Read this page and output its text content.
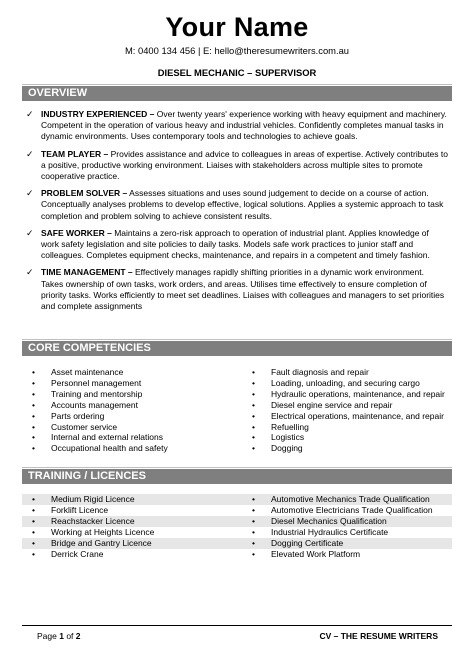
Your Name
M: 0400 134 456 | E: hello@theresumewriters.com.au
DIESEL MECHANIC – SUPERVISOR
OVERVIEW
✓ INDUSTRY EXPERIENCED – Over twenty years' experience working with heavy equipment and machinery. Competent in the operation of various heavy and industrial vehicles. Confidently completes manual tasks in dynamic environments. Uses contemporary tools and technologies to achieve goals.
✓ TEAM PLAYER – Provides assistance and advice to colleagues in areas of expertise. Actively contributes to a positive, productive working environment. Liaises with stakeholders across multiple sites to promote cooperative practice.
✓ PROBLEM SOLVER – Assesses situations and uses sound judgement to decide on a course of action. Conceptually analyses problems to develop effective, logical solutions. Applies a systemic approach to task completion and problem solving to achieve consistent results.
✓ SAFE WORKER – Maintains a zero-risk approach to operation of industrial plant. Applies knowledge of work safety legislation and site policies to daily tasks. Models safe work practices to junior staff and colleagues. Completes equipment checks, maintenance, and repairs in a competent and timely fashion.
✓ TIME MANAGEMENT – Effectively manages rapidly shifting priorities in a dynamic work environment. Takes ownership of own tasks, work orders, and areas. Utilises time effectively to ensure completion of priority tasks. Works efficiently to meet set deadlines. Liaises with colleagues and managers to set priorities and complete assignments
CORE COMPETENCIES
• Asset maintenance
• Personnel management
• Training and mentorship
• Accounts management
• Parts ordering
• Customer service
• Internal and external relations
• Occupational health and safety
• Fault diagnosis and repair
• Loading, unloading, and securing cargo
• Hydraulic operations, maintenance, and repair
• Diesel engine service and repair
• Electrical operations, maintenance, and repair
• Refuelling
• Logistics
• Dogging
TRAINING / LICENCES
• Medium Rigid Licence
• Forklift Licence
• Reachstacker Licence
• Working at Heights Licence
• Bridge and Gantry Licence
• Derrick Crane
• Automotive Mechanics Trade Qualification
• Automotive Electricians Trade Qualification
• Diesel Mechanics Qualification
• Industrial Hydraulics Certificate
• Dogging Certificate
• Elevated Work Platform
Page 1 of 2	CV – THE RESUME WRITERS
